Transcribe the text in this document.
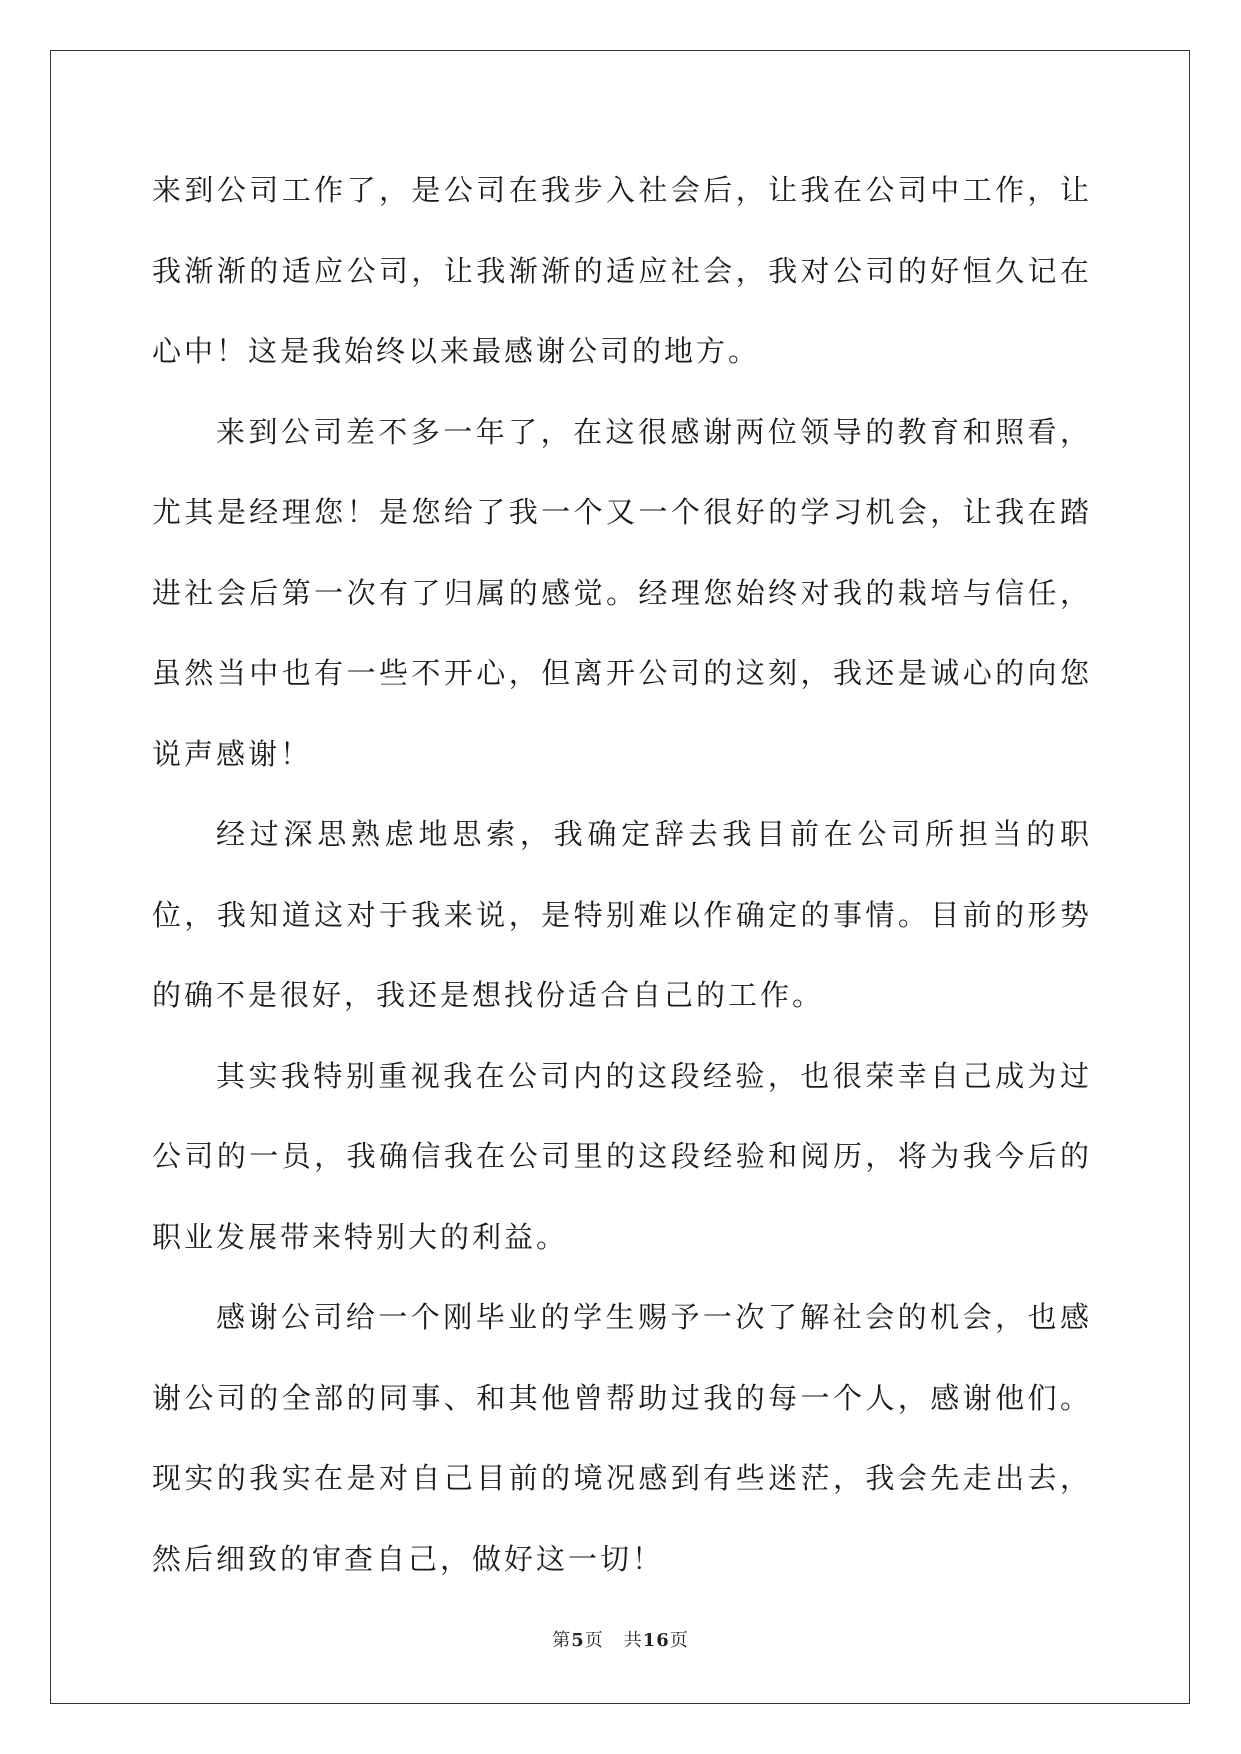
来到公司工作了，是公司在我步入社会后，让我在公司中工作，让我渐渐的适应公司，让我渐渐的适应社会，我对公司的好恒久记在心中！这是我始终以来最感谢公司的地方。

来到公司差不多一年了，在这很感谢两位领导的教育和照看，尤其是经理您！是您给了我一个又一个很好的学习机会，让我在踏进社会后第一次有了归属的感觉。经理您始终对我的栽培与信任，虽然当中也有一些不开心，但离开公司的这刻，我还是诚心的向您说声感谢！

经过深思熟虑地思索，我确定辞去我目前在公司所担当的职位，我知道这对于我来说，是特别难以作确定的事情。目前的形势的确不是很好，我还是想找份适合自己的工作。

其实我特别重视我在公司内的这段经验，也很荣幸自己成为过公司的一员，我确信我在公司里的这段经验和阅历，将为我今后的职业发展带来特别大的利益。

感谢公司给一个刚毕业的学生赐予一次了解社会的机会，也感谢公司的全部的同事、和其他曾帮助过我的每一个人，感谢他们。现实的我实在是对自己目前的境况感到有些迷茫，我会先走出去，然后细致的审查自己，做好这一切！

第5页 共16页
